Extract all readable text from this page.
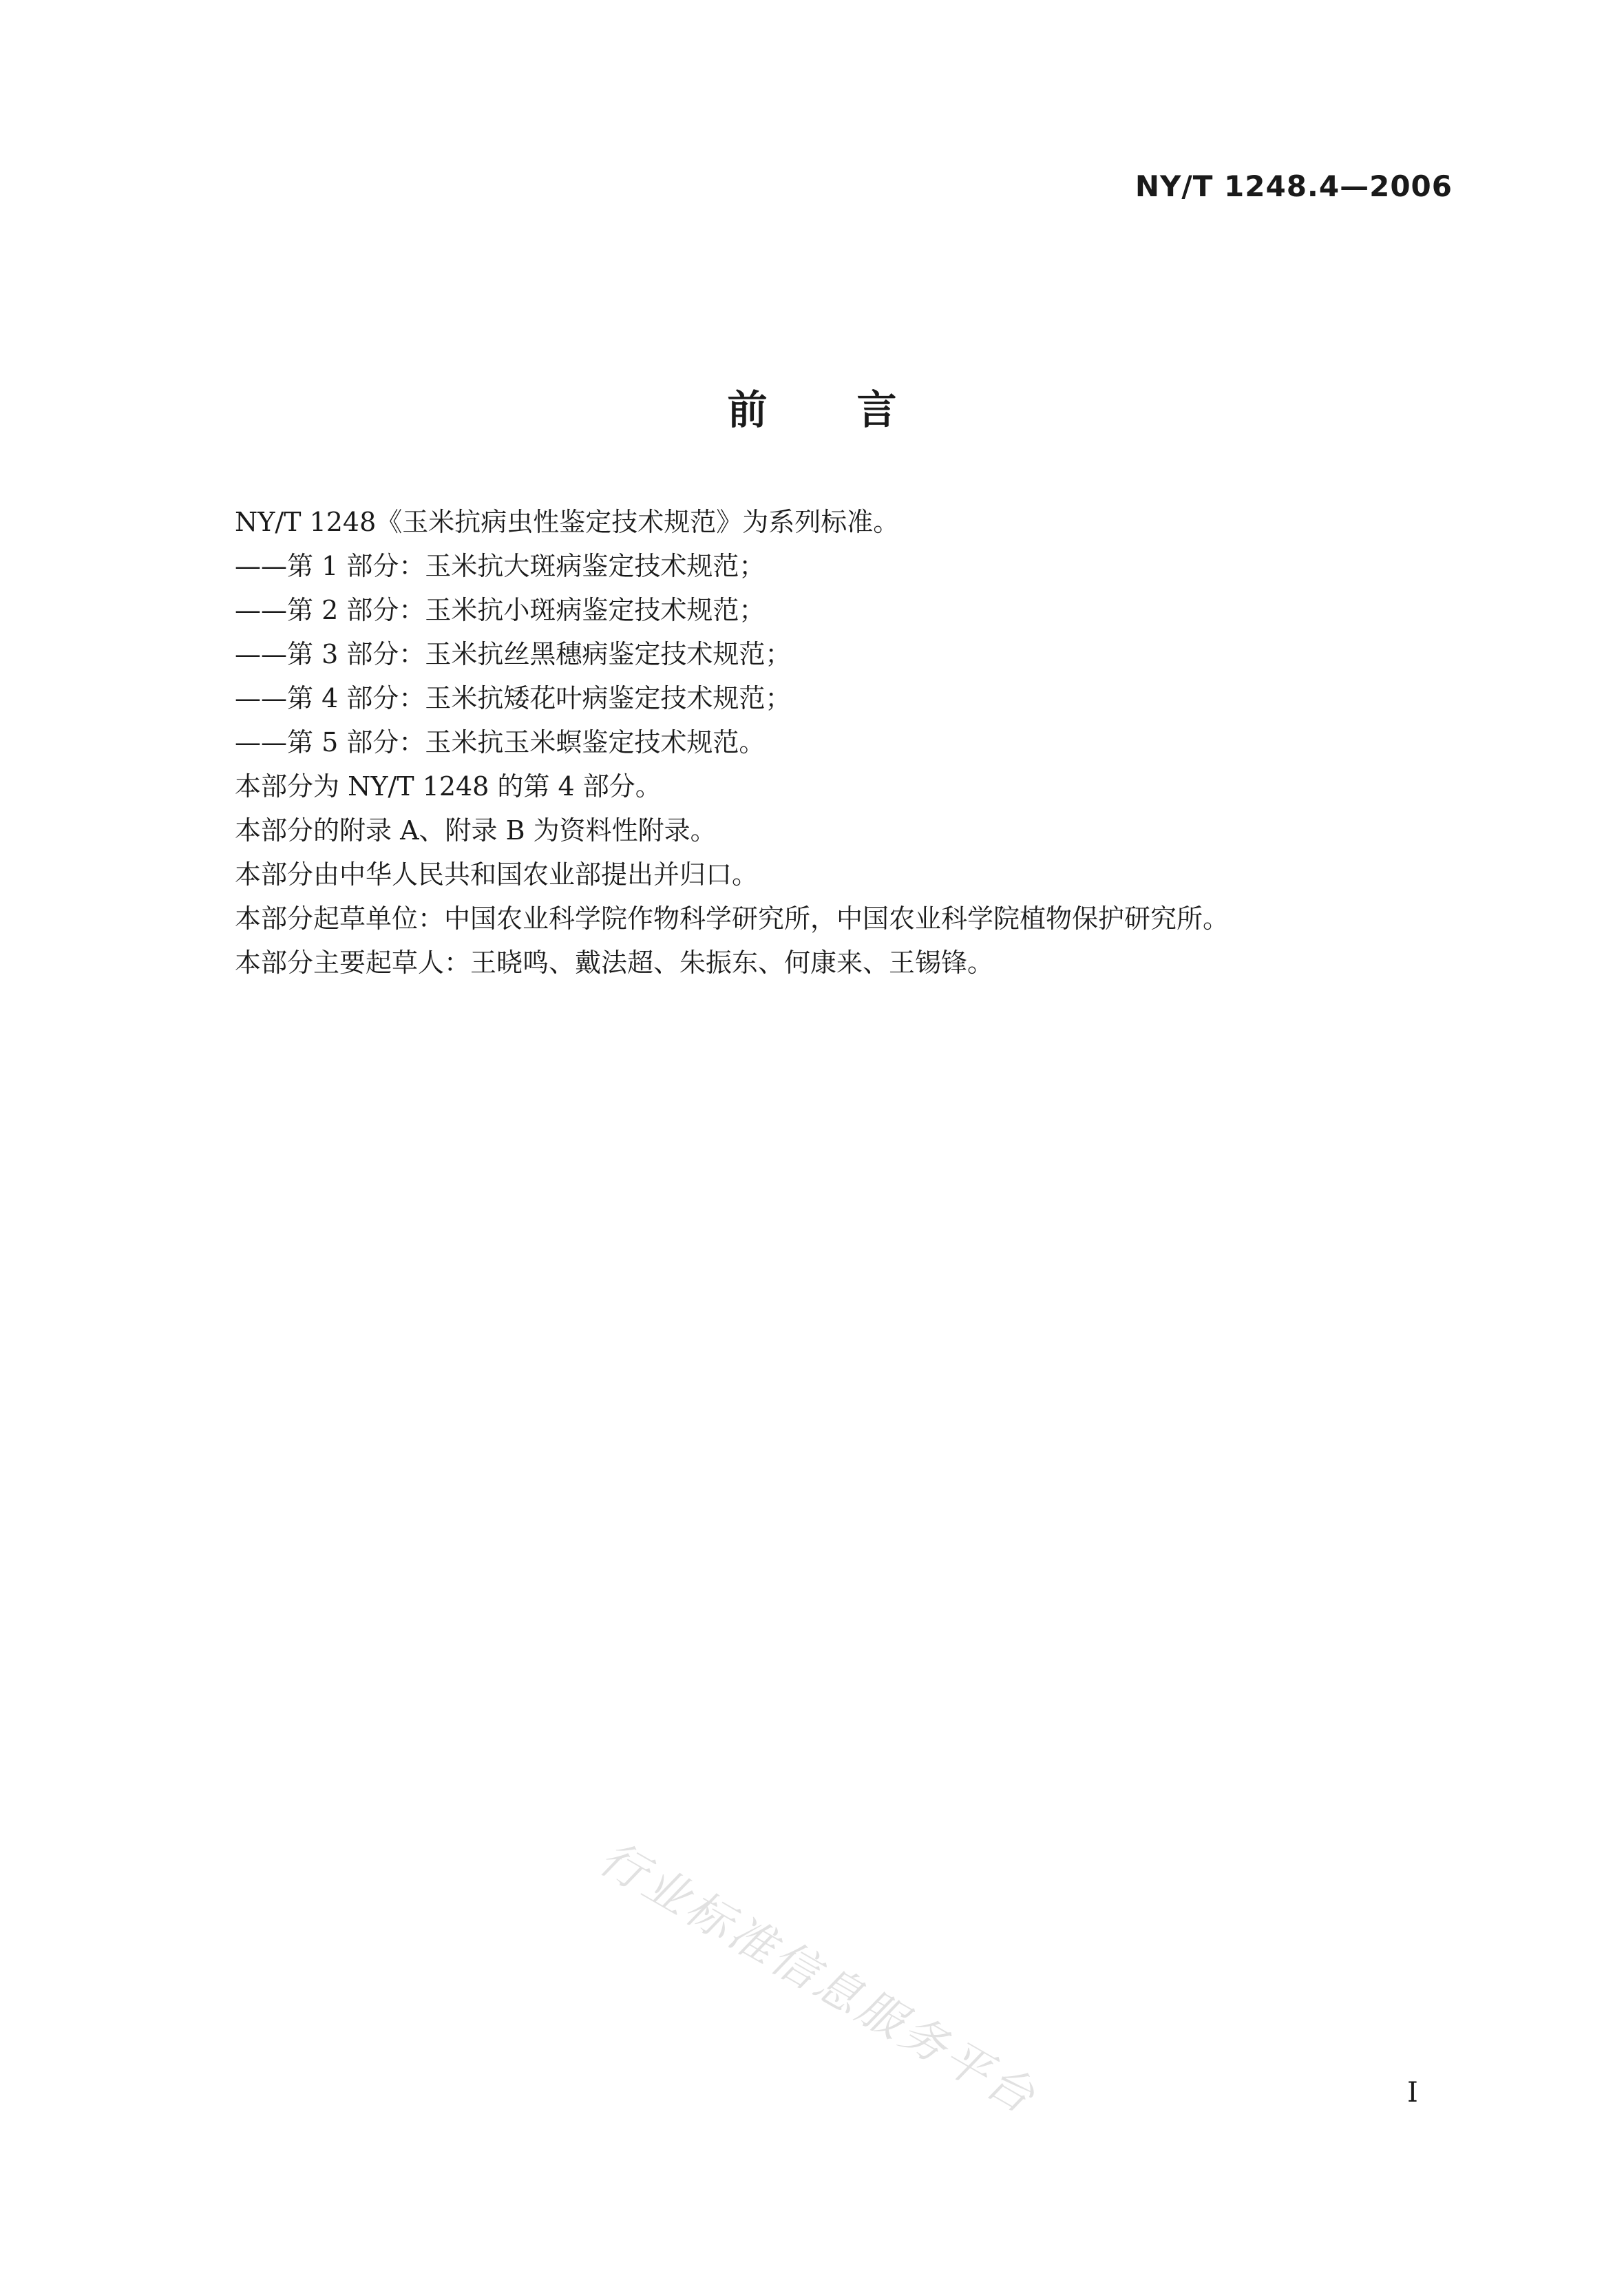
NY/T 1248.4—2006
前言
NY/T 1248《玉米抗病虫性鉴定技术规范》为系列标准。
——第 1 部分：玉米抗大斑病鉴定技术规范；
——第 2 部分：玉米抗小斑病鉴定技术规范；
——第 3 部分：玉米抗丝黑穗病鉴定技术规范；
——第 4 部分：玉米抗矮花叶病鉴定技术规范；
——第 5 部分：玉米抗玉米螟鉴定技术规范。
本部分为 NY/T 1248 的第 4 部分。
本部分的附录 A、附录 B 为资料性附录。
本部分由中华人民共和国农业部提出并归口。
本部分起草单位：中国农业科学院作物科学研究所，中国农业科学院植物保护研究所。
本部分主要起草人：王晓鸣、戴法超、朱振东、何康来、王锡锋。
行业标准信息服务平台	I
